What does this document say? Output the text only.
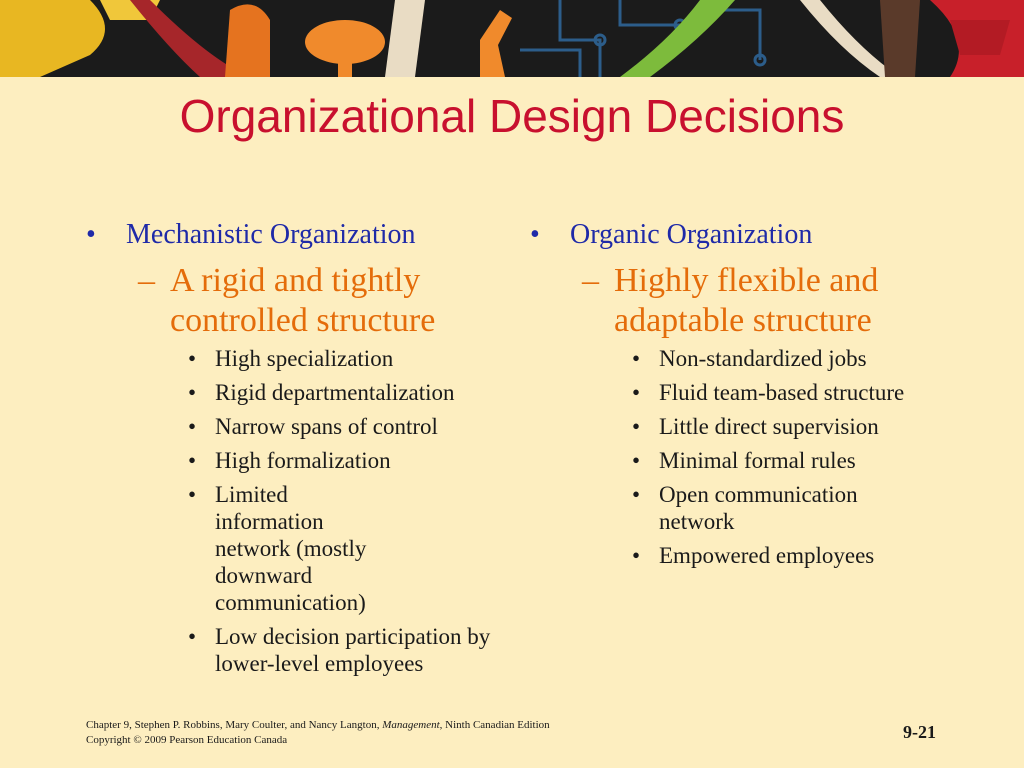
Organizational Design Decisions
• Mechanistic Organization
– A rigid and tightly controlled structure
• High specialization
• Rigid departmentalization
• Narrow spans of control
• High formalization
• Limited information network (mostly downward communication)
• Low decision participation by lower-level employees
• Organic Organization
– Highly flexible and adaptable structure
• Non-standardized jobs
• Fluid team-based structure
• Little direct supervision
• Minimal formal rules
• Open communication network
• Empowered employees
Chapter 9, Stephen P. Robbins, Mary Coulter, and Nancy Langton, Management, Ninth Canadian Edition
Copyright © 2009 Pearson Education Canada	9-21
